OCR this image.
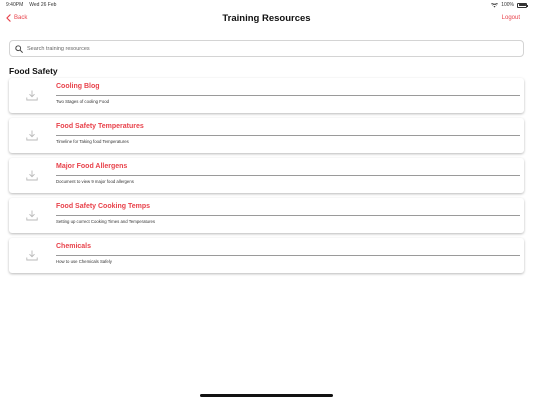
9:40PM Wed 26 Feb	100%
Back	Training Resources	Logout
Search training resources
Food Safety
Cooling Blog
Two Stages of cooling Food
Food Safety Temperatures
Timeline for Taking food Temperatures
Major Food Allergens
Document to view 9 major food allergens
Food Safety Cooking Temps
Setting up correct Cooking Times and Temperatures
Chemicals
How to use Chemicals Safely
